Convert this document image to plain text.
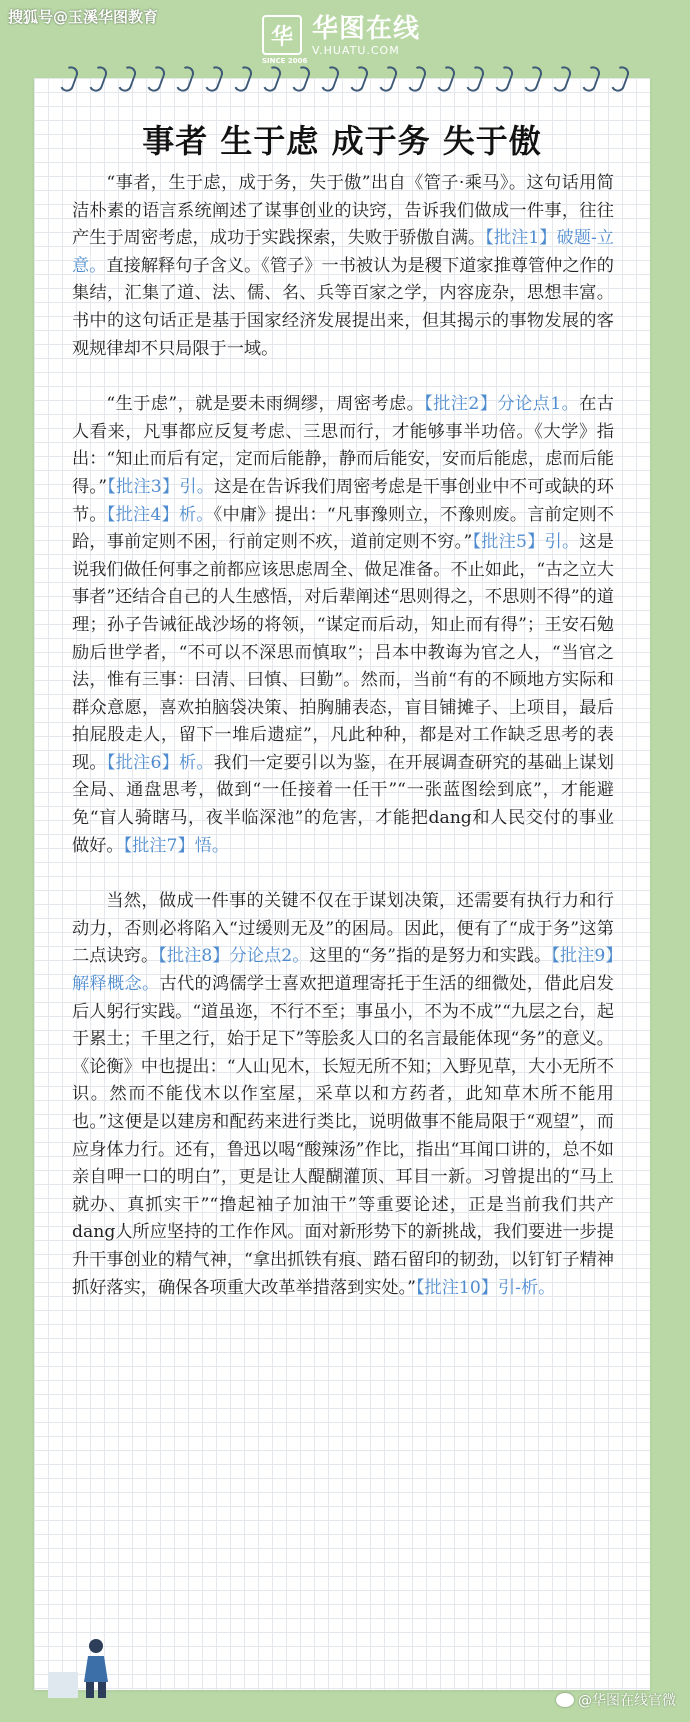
搜狐号@玉溪华图教育
华
SINCE 2006
华图在线
V.HUATU.COM
事者 生于虑 成于务 失于傲

“事者，生于虑，成于务，失于傲”出自《管子·乘马》。这句话用简洁朴素的语言系统阐述了谋事创业的诀窍，告诉我们做成一件事，往往产生于周密考虑，成功于实践探索，失败于骄傲自满。【批注1】破题-立意。直接解释句子含义。《管子》一书被认为是稷下道家推尊管仲之作的集结，汇集了道、法、儒、名、兵等百家之学，内容庞杂，思想丰富。书中的这句话正是基于国家经济发展提出来，但其揭示的事物发展的客观规律却不只局限于一域。

“生于虑”，就是要未雨绸缪，周密考虑。【批注2】分论点1。在古人看来，凡事都应反复考虑、三思而行，才能够事半功倍。《大学》指出：“知止而后有定，定而后能静，静而后能安，安而后能虑，虑而后能得。”【批注3】引。这是在告诉我们周密考虑是干事创业中不可或缺的环节。【批注4】析。《中庸》提出：“凡事豫则立，不豫则废。言前定则不跲，事前定则不困，行前定则不疚，道前定则不穷。”【批注5】引。这是说我们做任何事之前都应该思虑周全、做足准备。不止如此，“古之立大事者”还结合自己的人生感悟，对后辈阐述“思则得之，不思则不得”的道理；孙子告诫征战沙场的将领，“谋定而后动，知止而有得”；王安石勉励后世学者，“不可以不深思而慎取”；吕本中教诲为官之人，“当官之法，惟有三事：曰清、曰慎、曰勤”。然而，当前“有的不顾地方实际和群众意愿，喜欢拍脑袋决策、拍胸脯表态，盲目铺摊子、上项目，最后拍屁股走人，留下一堆后遗症”，凡此种种，都是对工作缺乏思考的表现。【批注6】析。我们一定要引以为鉴，在开展调查研究的基础上谋划全局、通盘思考，做到“一任接着一任干”“一张蓝图绘到底”，才能避免“盲人骑瞎马，夜半临深池”的危害，才能把dang和人民交付的事业做好。【批注7】悟。

当然，做成一件事的关键不仅在于谋划决策，还需要有执行力和行动力，否则必将陷入“过缓则无及”的困局。因此，便有了“成于务”这第二点诀窍。【批注8】分论点2。这里的“务”指的是努力和实践。【批注9】解释概念。古代的鸿儒学士喜欢把道理寄托于生活的细微处，借此启发后人躬行实践。“道虽迩，不行不至；事虽小，不为不成”“九层之台，起于累土；千里之行，始于足下”等脍炙人口的名言最能体现“务”的意义。《论衡》中也提出：“人山见木，长短无所不知；入野见草，大小无所不识。然而不能伐木以作室屋，采草以和方药者，此知草木所不能用也。”这便是以建房和配药来进行类比，说明做事不能局限于“观望”，而应身体力行。还有，鲁迅以喝“酸辣汤”作比，指出“耳闻口讲的，总不如亲自呷一口的明白”，更是让人醍醐灌顶、耳目一新。习曾提出的“马上就办、真抓实干”“撸起袖子加油干”等重要论述，正是当前我们共产dang人所应坚持的工作作风。面对新形势下的新挑战，我们要进一步提升干事创业的精气神，“拿出抓铁有痕、踏石留印的韧劲，以钉钉子精神抓好落实，确保各项重大改革举措落到实处。”【批注10】引-析。

@华图在线官微
